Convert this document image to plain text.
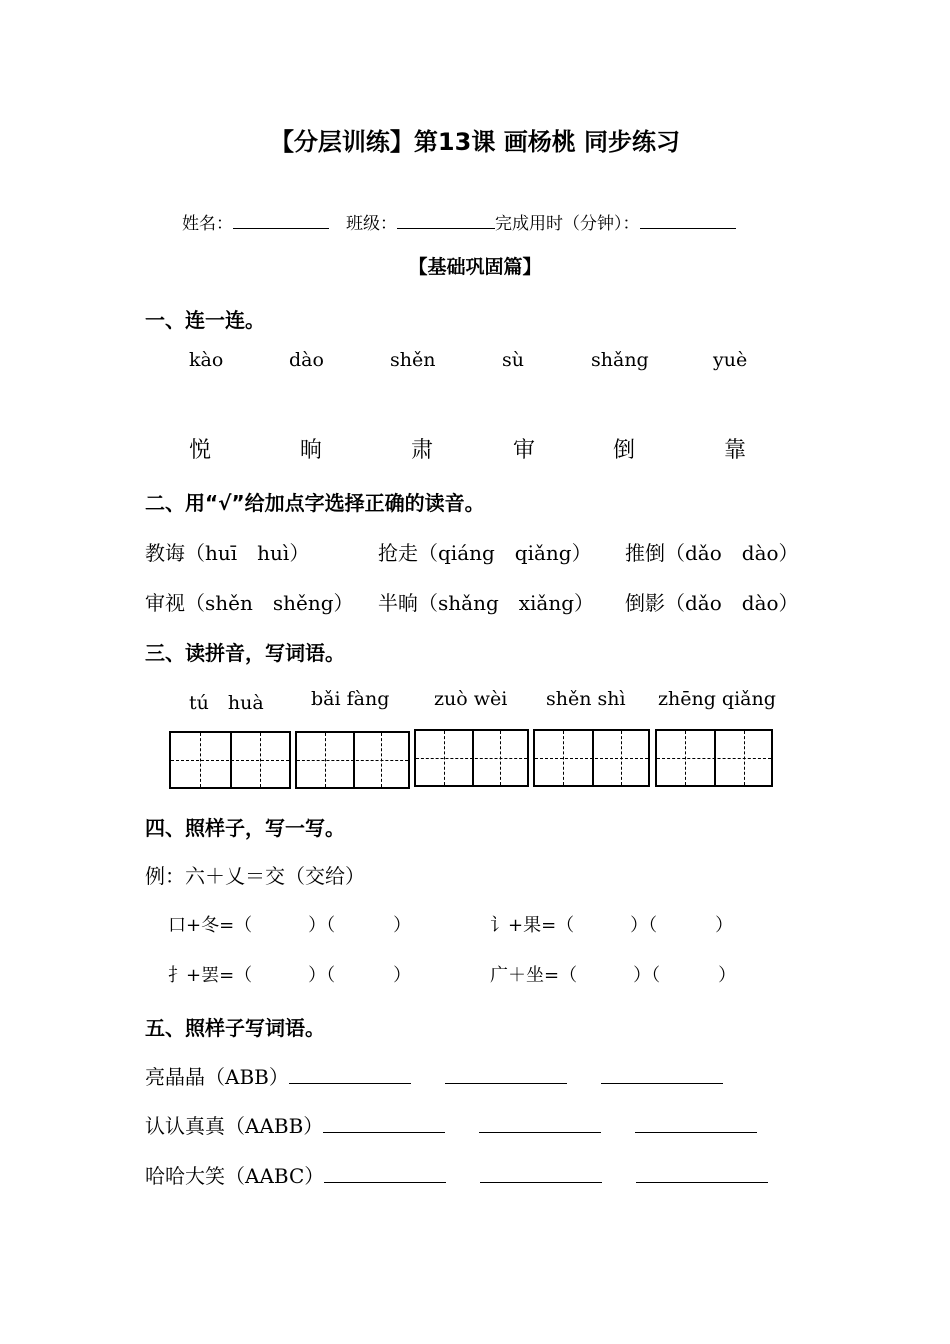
【分层训练】第13课 画杨桃 同步练习
姓名：	班级：	完成用时（分钟）：
【基础巩固篇】
一、连一连。
kào	dào	shěn	sù	shǎng	yuè
悦	晌	肃	审	倒	靠
二、用“√”给加点字选择正确的读音。
教诲（huī　huì）	抢走（qiáng　qiǎng） 推倒（dǎo　dào）
审视（shěn　shěng） 半晌（shǎng　xiǎng） 倒影（dǎo　dào）
三、读拼音，写词语。
tú　huà bǎi fàng zuò wèi shěn shì zhēng qiǎng
四、照样子，写一写。
例：六＋乂＝交（交给）
口+冬=（	）（	）	讠+果=（	）（	）
扌+罢=（	）（	）	广＋坐=（	）（	）
五、照样子写词语。
亮晶晶（ABB）
认认真真（AABB）
哈哈大笑（AABC）
